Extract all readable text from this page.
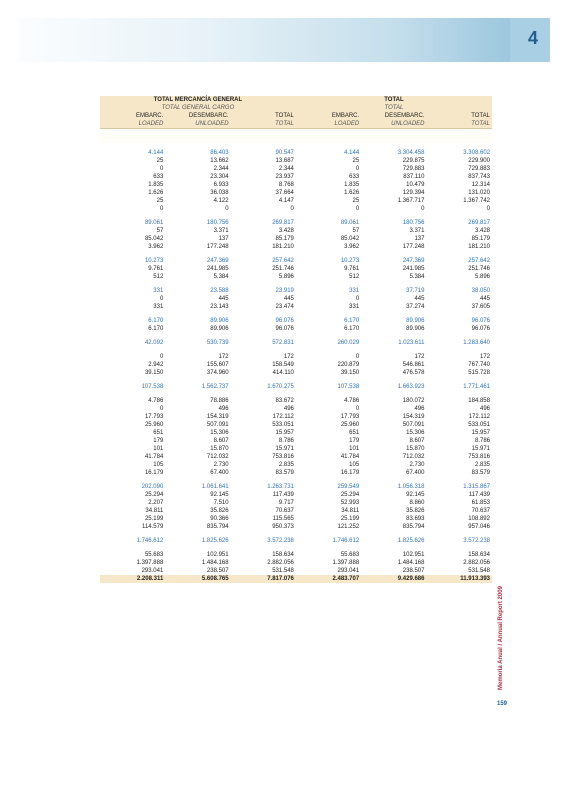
4
TOTAL MERCANCÍA GENERAL			TOTAL		
TOTAL GENERAL CARGO			TOTAL		
EMBARC.	DESEMBARC.	TOTAL	EMBARC.	DESEMBARC.	TOTAL
LOADED	UNLOADED	TOTAL	LOADED	UNLOADED	TOTAL

4.144	86.403	90.547	4.144	3.304.458	3.308.602
25	13.662	13.687	25	229.875	229.900
0	2.344	2.344	0	729.883	729.883
633	23.304	23.937	633	837.110	837.743
1.835	6.933	8.768	1.835	10.479	12.314
1.626	36.038	37.664	1.626	129.394	131.020
25	4.122	4.147	25	1.367.717	1.367.742
0	0	0	0	0	0

89.061	180.756	269.817	89.061	180.756	269.817
57	3.371	3.428	57	3.371	3.428
85.042	137	85.179	85.042	137	85.179
3.962	177.248	181.210	3.962	177.248	181.210

10.273	247.369	257.642	10.273	247.369	257.642
9.761	241.985	251.746	9.761	241.985	251.746
512	5.384	5.896	512	5.384	5.896

331	23.588	23.919	331	37.719	38.050
0	445	445	0	445	445
331	23.143	23.474	331	37.274	37.605

6.170	89.906	96.076	6.170	89.906	96.076
6.170	89.906	96.076	6.170	89.906	96.076

42.092	530.739	572.831	260.029	1.023.611	1.283.640

0	172	172	0	172	172
2.942	155.607	158.549	220.879	546.861	767.740
39.150	374.960	414.110	39.150	476.578	515.728

107.538	1.562.737	1.670.275	107.538	1.663.923	1.771.461

4.786	78.886	83.672	4.786	180.072	184.858
0	496	496	0	496	496
17.793	154.319	172.112	17.793	154.319	172.112
25.960	507.091	533.051	25.960	507.091	533.051
651	15.306	15.957	651	15.306	15.957
179	8.607	8.786	179	8.607	8.786
101	15.870	15.971	101	15.870	15.971
41.784	712.032	753.816	41.784	712.032	753.816
105	2.730	2.835	105	2.730	2.835
16.179	67.400	83.579	16.179	67.400	83.579

202.090	1.061.641	1.263.731	259.549	1.056.318	1.315.867
25.294	92.145	117.439	25.294	92.145	117.439
2.207	7.510	9.717	52.993	8.860	61.853
34.811	35.826	70.637	34.811	35.826	70.637
25.199	90.366	115.565	25.199	83.693	108.892
114.579	835.794	950.373	121.252	835.794	957.046

1.746.612	1.825.626	3.572.238	1.746.612	1.825.626	3.572.238

55.683	102.951	158.634	55.683	102.951	158.634
1.397.888	1.484.168	2.882.056	1.397.888	1.484.168	2.882.056
293.041	238.507	531.548	293.041	238.507	531.548
2.208.311	5.608.765	7.817.076	2.483.707	9.429.686	11.913.393
Memoria Anual / Annual Report 2009
159
